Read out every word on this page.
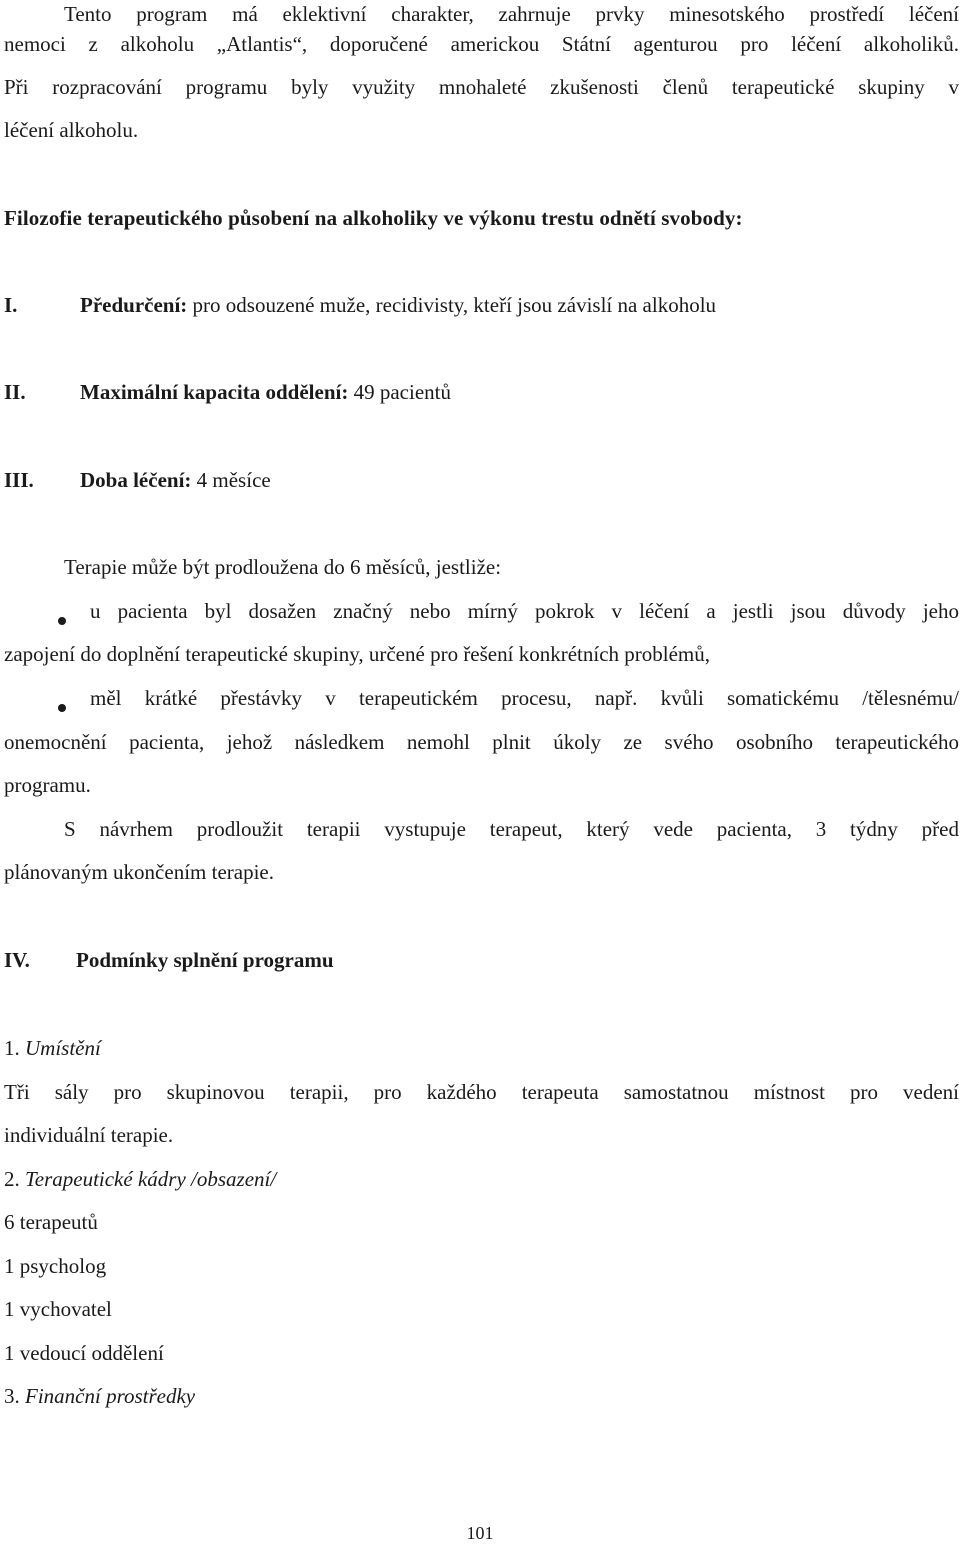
Tento program má eklektivní charakter, zahrnuje prvky minesotského prostředí léčení
nemoci z alkoholu „Atlantis“, doporučené americkou Státní agenturou pro léčení alkoholiků.
Při rozpracování programu byly využity mnohaleté zkušenosti členů terapeutické skupiny v
léčení alkoholu.
Filozofie terapeutického působení na alkoholiky ve výkonu trestu odnětí svobody:
I.	Předurčení: pro odsouzené muže, recidivisty, kteří jsou závislí na alkoholu
II.	Maximální kapacita oddělení: 49 pacientů
III. Doba léčení: 4 měsíce
Terapie může být prodloužena do 6 měsíců, jestliže:
u pacienta byl dosažen značný nebo mírný pokrok v léčení a jestli jsou důvody jeho
zapojení do doplnění terapeutické skupiny, určené pro řešení konkrétních problémů,
měl krátké přestávky v terapeutickém procesu, např. kvůli somatickému /tělesnému/
onemocnění pacienta, jehož následkem nemohl plnit úkoly ze svého osobního terapeutického
programu.
S návrhem prodloužit terapii vystupuje terapeut, který vede pacienta, 3 týdny před
plánovaným ukončením terapie.
IV. Podmínky splnění programu
1. Umístění
Tři sály pro skupinovou terapii, pro každého terapeuta samostatnou místnost pro vedení
individuální terapie.
2. Terapeutické kádry /obsazení/
6 terapeutů
1 psycholog
1 vychovatel
1 vedoucí oddělení
3. Finanční prostředky
101
